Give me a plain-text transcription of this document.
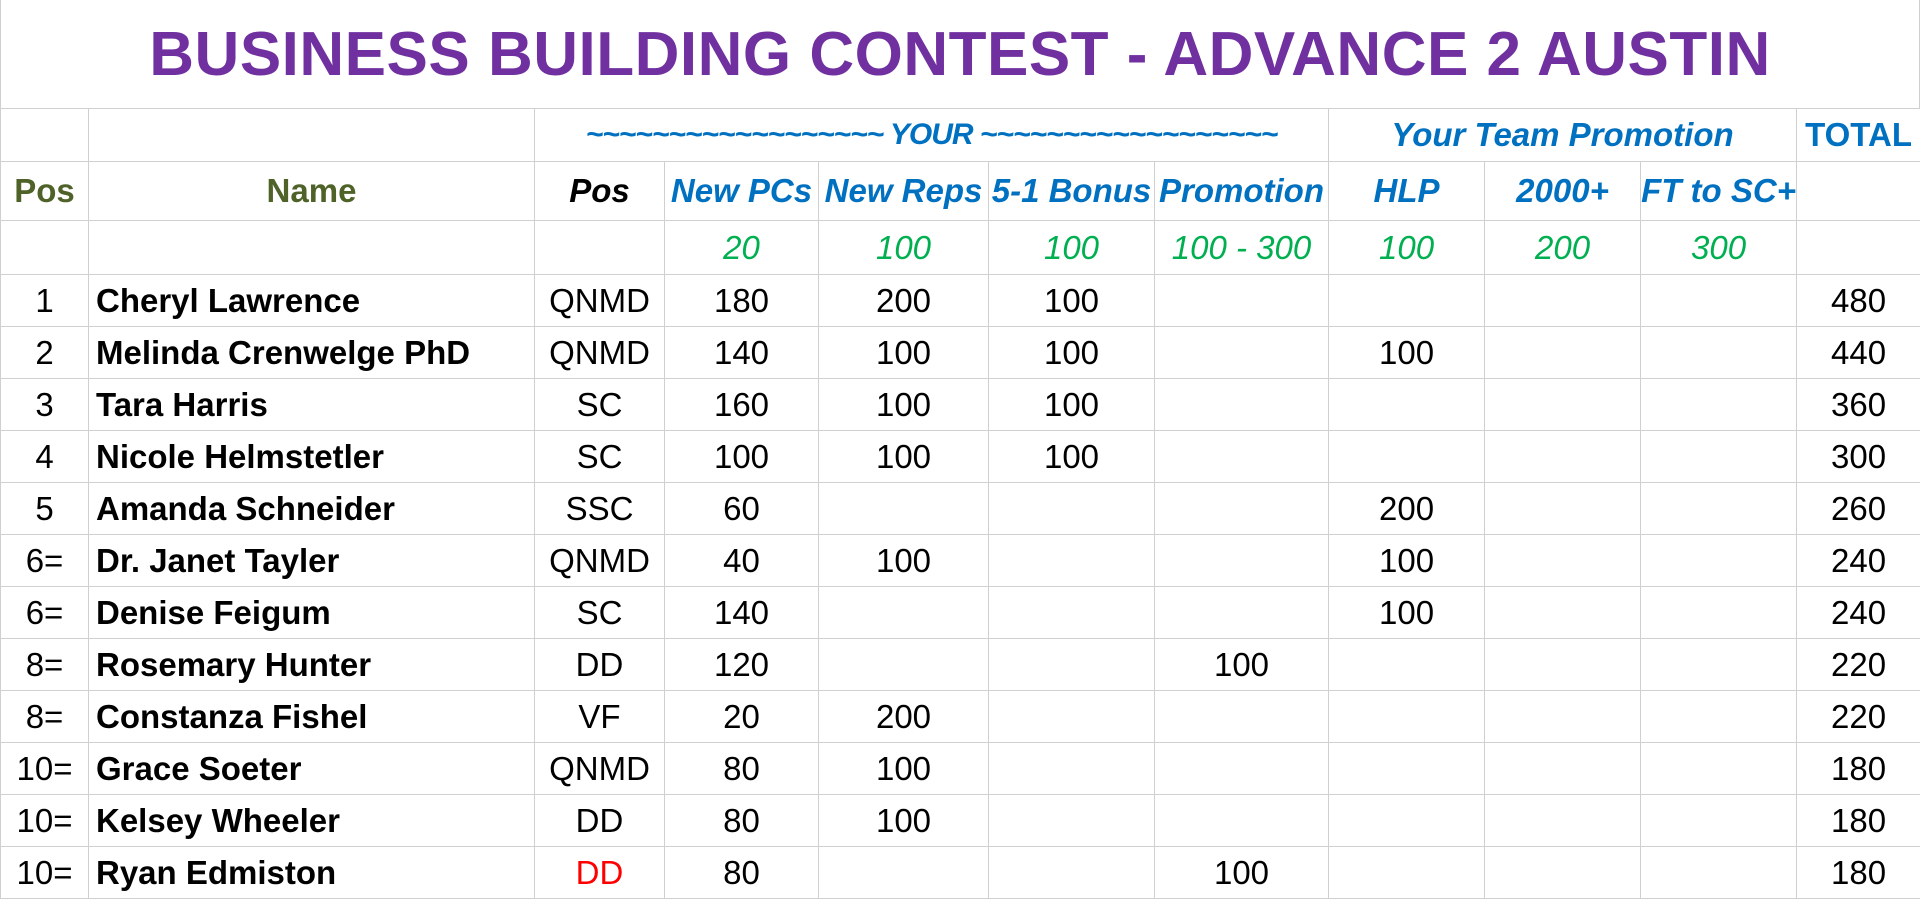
BUSINESS BUILDING CONTEST - ADVANCE 2 AUSTIN
		~~~~~~~~~~~~~~~~~~ YOUR ~~~~~~~~~~~~~~~~~~					Your Team Promotion			TOTAL
Pos	Name	Pos	New PCs	New Reps	5-1 Bonus	Promotion	HLP	2000+	FT to SC+	
			20	100	100	100 - 300	100	200	300	
1	Cheryl Lawrence	QNMD	180	200	100					480
2	Melinda Crenwelge PhD	QNMD	140	100	100		100			440
3	Tara Harris	SC	160	100	100					360
4	Nicole Helmstetler	SC	100	100	100					300
5	Amanda Schneider	SSC	60				200			260
6=	Dr. Janet Tayler	QNMD	40	100			100			240
6=	Denise Feigum	SC	140				100			240
8=	Rosemary Hunter	DD	120			100				220
8=	Constanza Fishel	VF	20	200						220
10=	Grace Soeter	QNMD	80	100						180
10=	Kelsey Wheeler	DD	80	100						180
10=	Ryan Edmiston	DD	80			100				180
